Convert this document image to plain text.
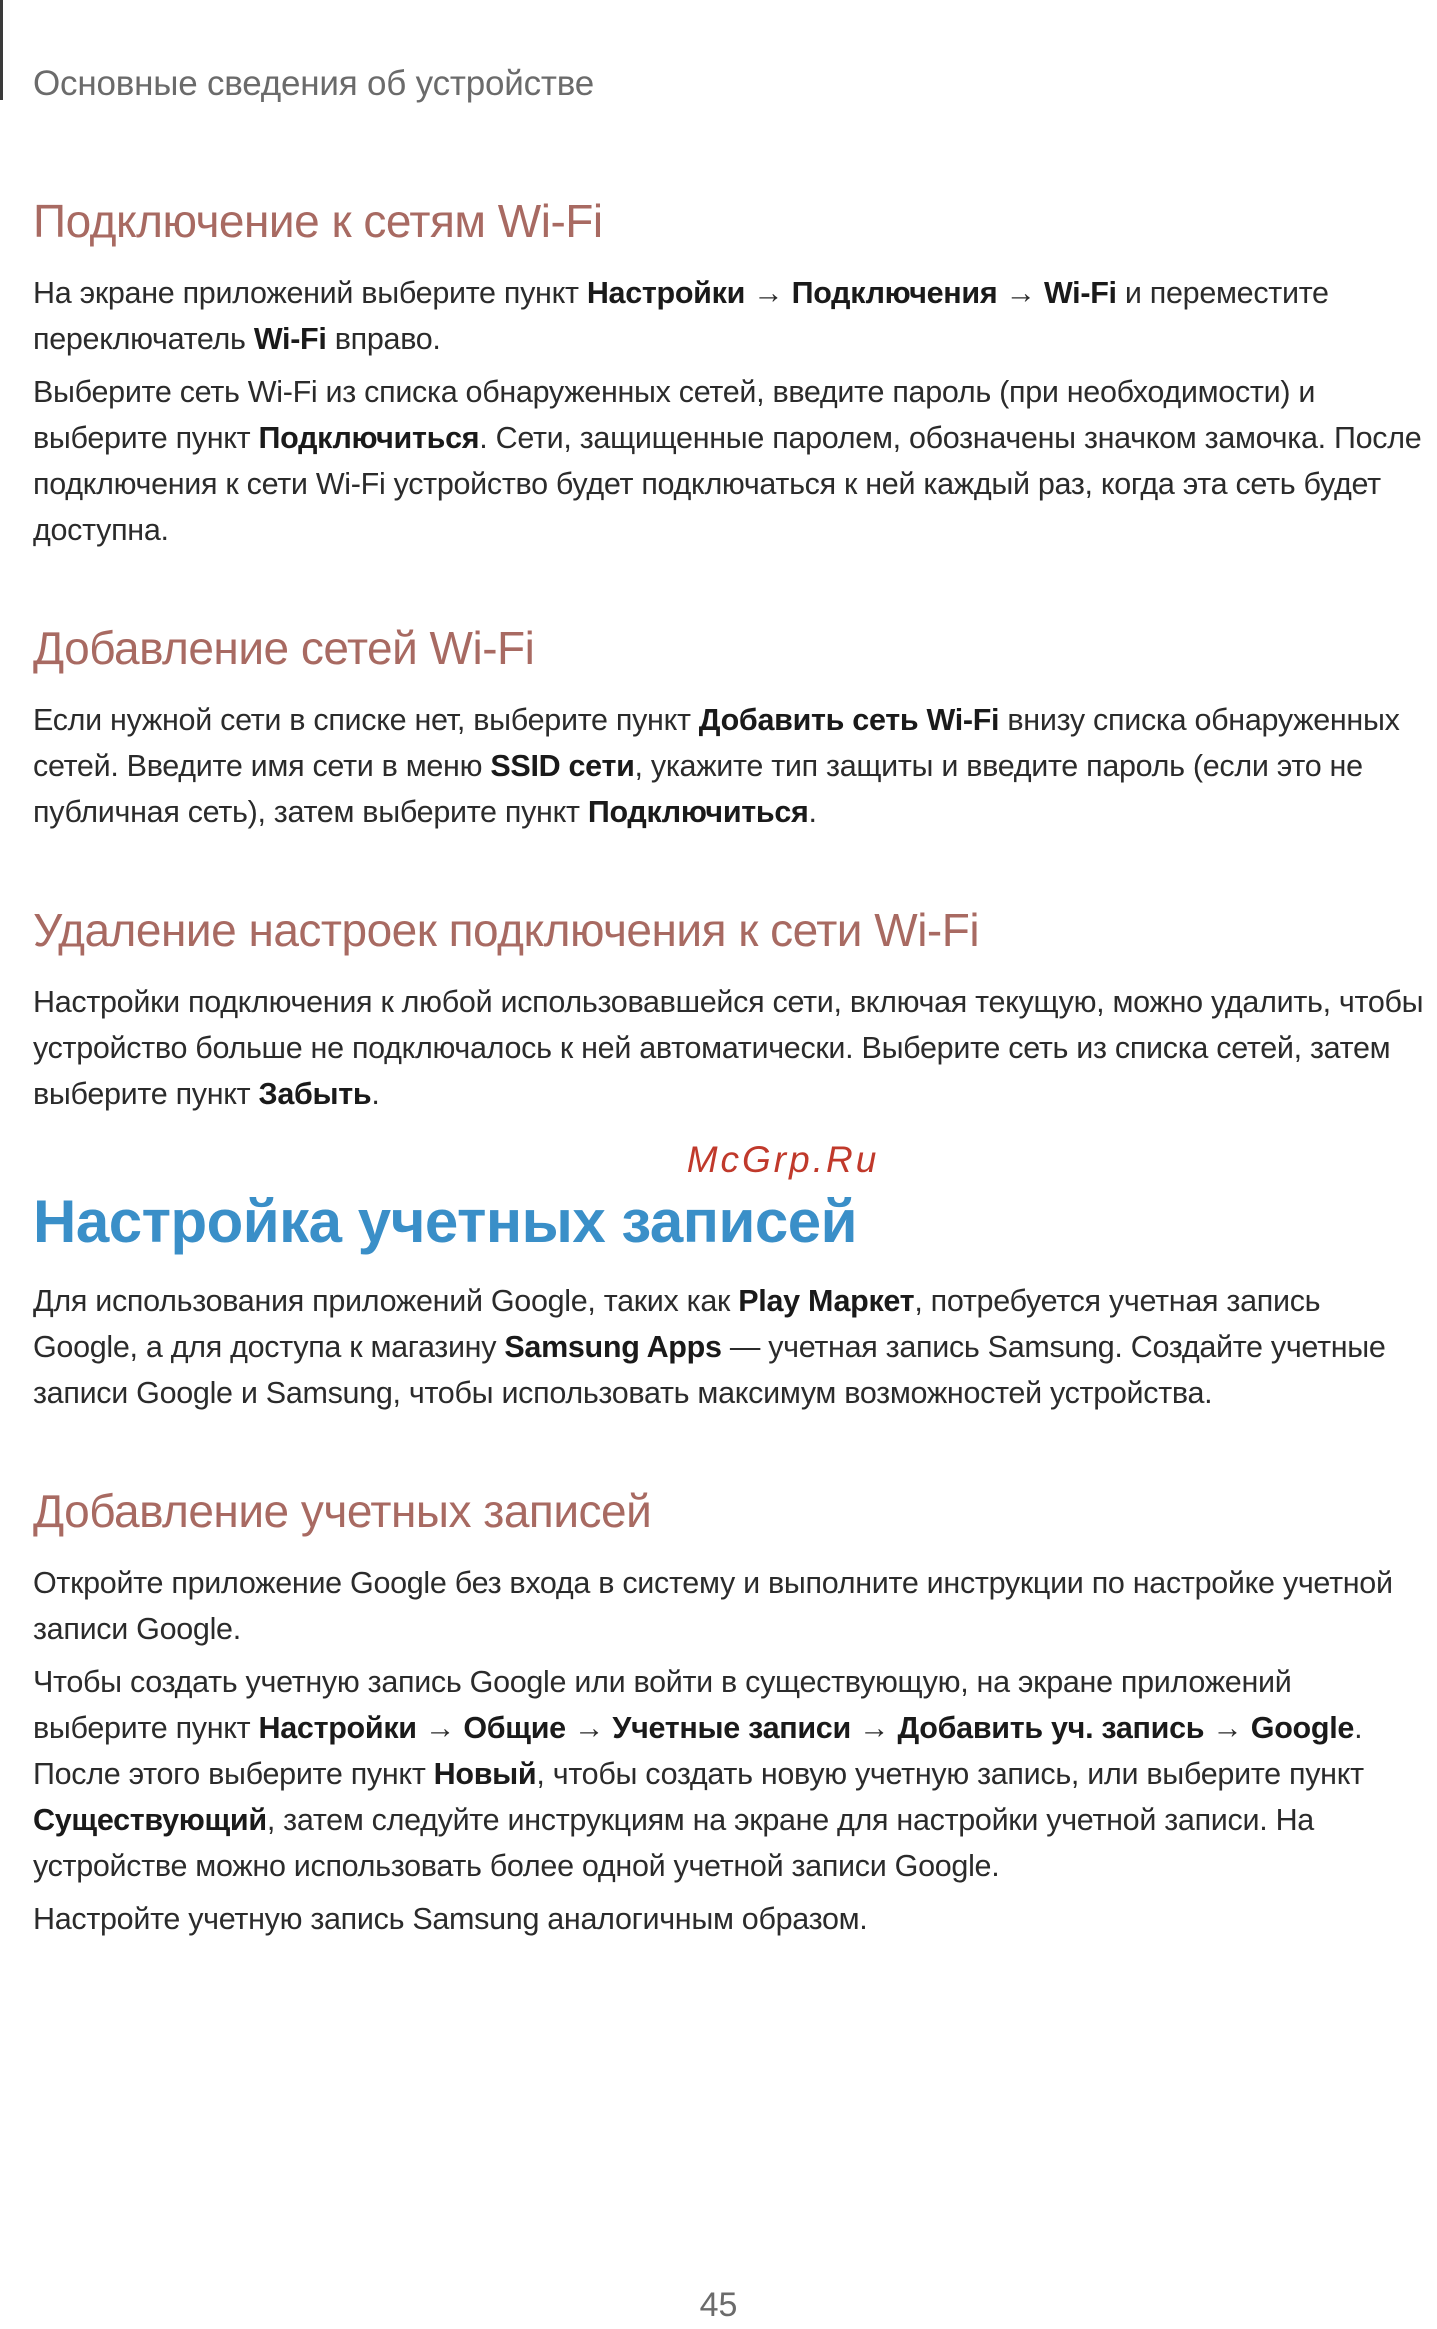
Основные сведения об устройстве
Подключение к сетям Wi-Fi

На экране приложений выберите пункт Настройки → Подключения → Wi-Fi и переместите переключатель Wi-Fi вправо.

Выберите сеть Wi-Fi из списка обнаруженных сетей, введите пароль (при необходимости) и выберите пункт Подключиться. Сети, защищенные паролем, обозначены значком замочка. После подключения к сети Wi-Fi устройство будет подключаться к ней каждый раз, когда эта сеть будет доступна.

Добавление сетей Wi-Fi

Если нужной сети в списке нет, выберите пункт Добавить сеть Wi-Fi внизу списка обнаруженных сетей. Введите имя сети в меню SSID сети, укажите тип защиты и введите пароль (если это не публичная сеть), затем выберите пункт Подключиться.

Удаление настроек подключения к сети Wi-Fi

Настройки подключения к любой использовавшейся сети, включая текущую, можно удалить, чтобы устройство больше не подключалось к ней автоматически. Выберите сеть из списка сетей, затем выберите пункт Забыть.

McGrp.Ru
Настройка учетных записей

Для использования приложений Google, таких как Play Маркет, потребуется учетная запись Google, а для доступа к магазину Samsung Apps — учетная запись Samsung. Создайте учетные записи Google и Samsung, чтобы использовать максимум возможностей устройства.

Добавление учетных записей

Откройте приложение Google без входа в систему и выполните инструкции по настройке учетной записи Google.

Чтобы создать учетную запись Google или войти в существующую, на экране приложений выберите пункт Настройки → Общие → Учетные записи → Добавить уч. запись → Google. После этого выберите пункт Новый, чтобы создать новую учетную запись, или выберите пункт Существующий, затем следуйте инструкциям на экране для настройки учетной записи. На устройстве можно использовать более одной учетной записи Google.

Настройте учетную запись Samsung аналогичным образом.

45
